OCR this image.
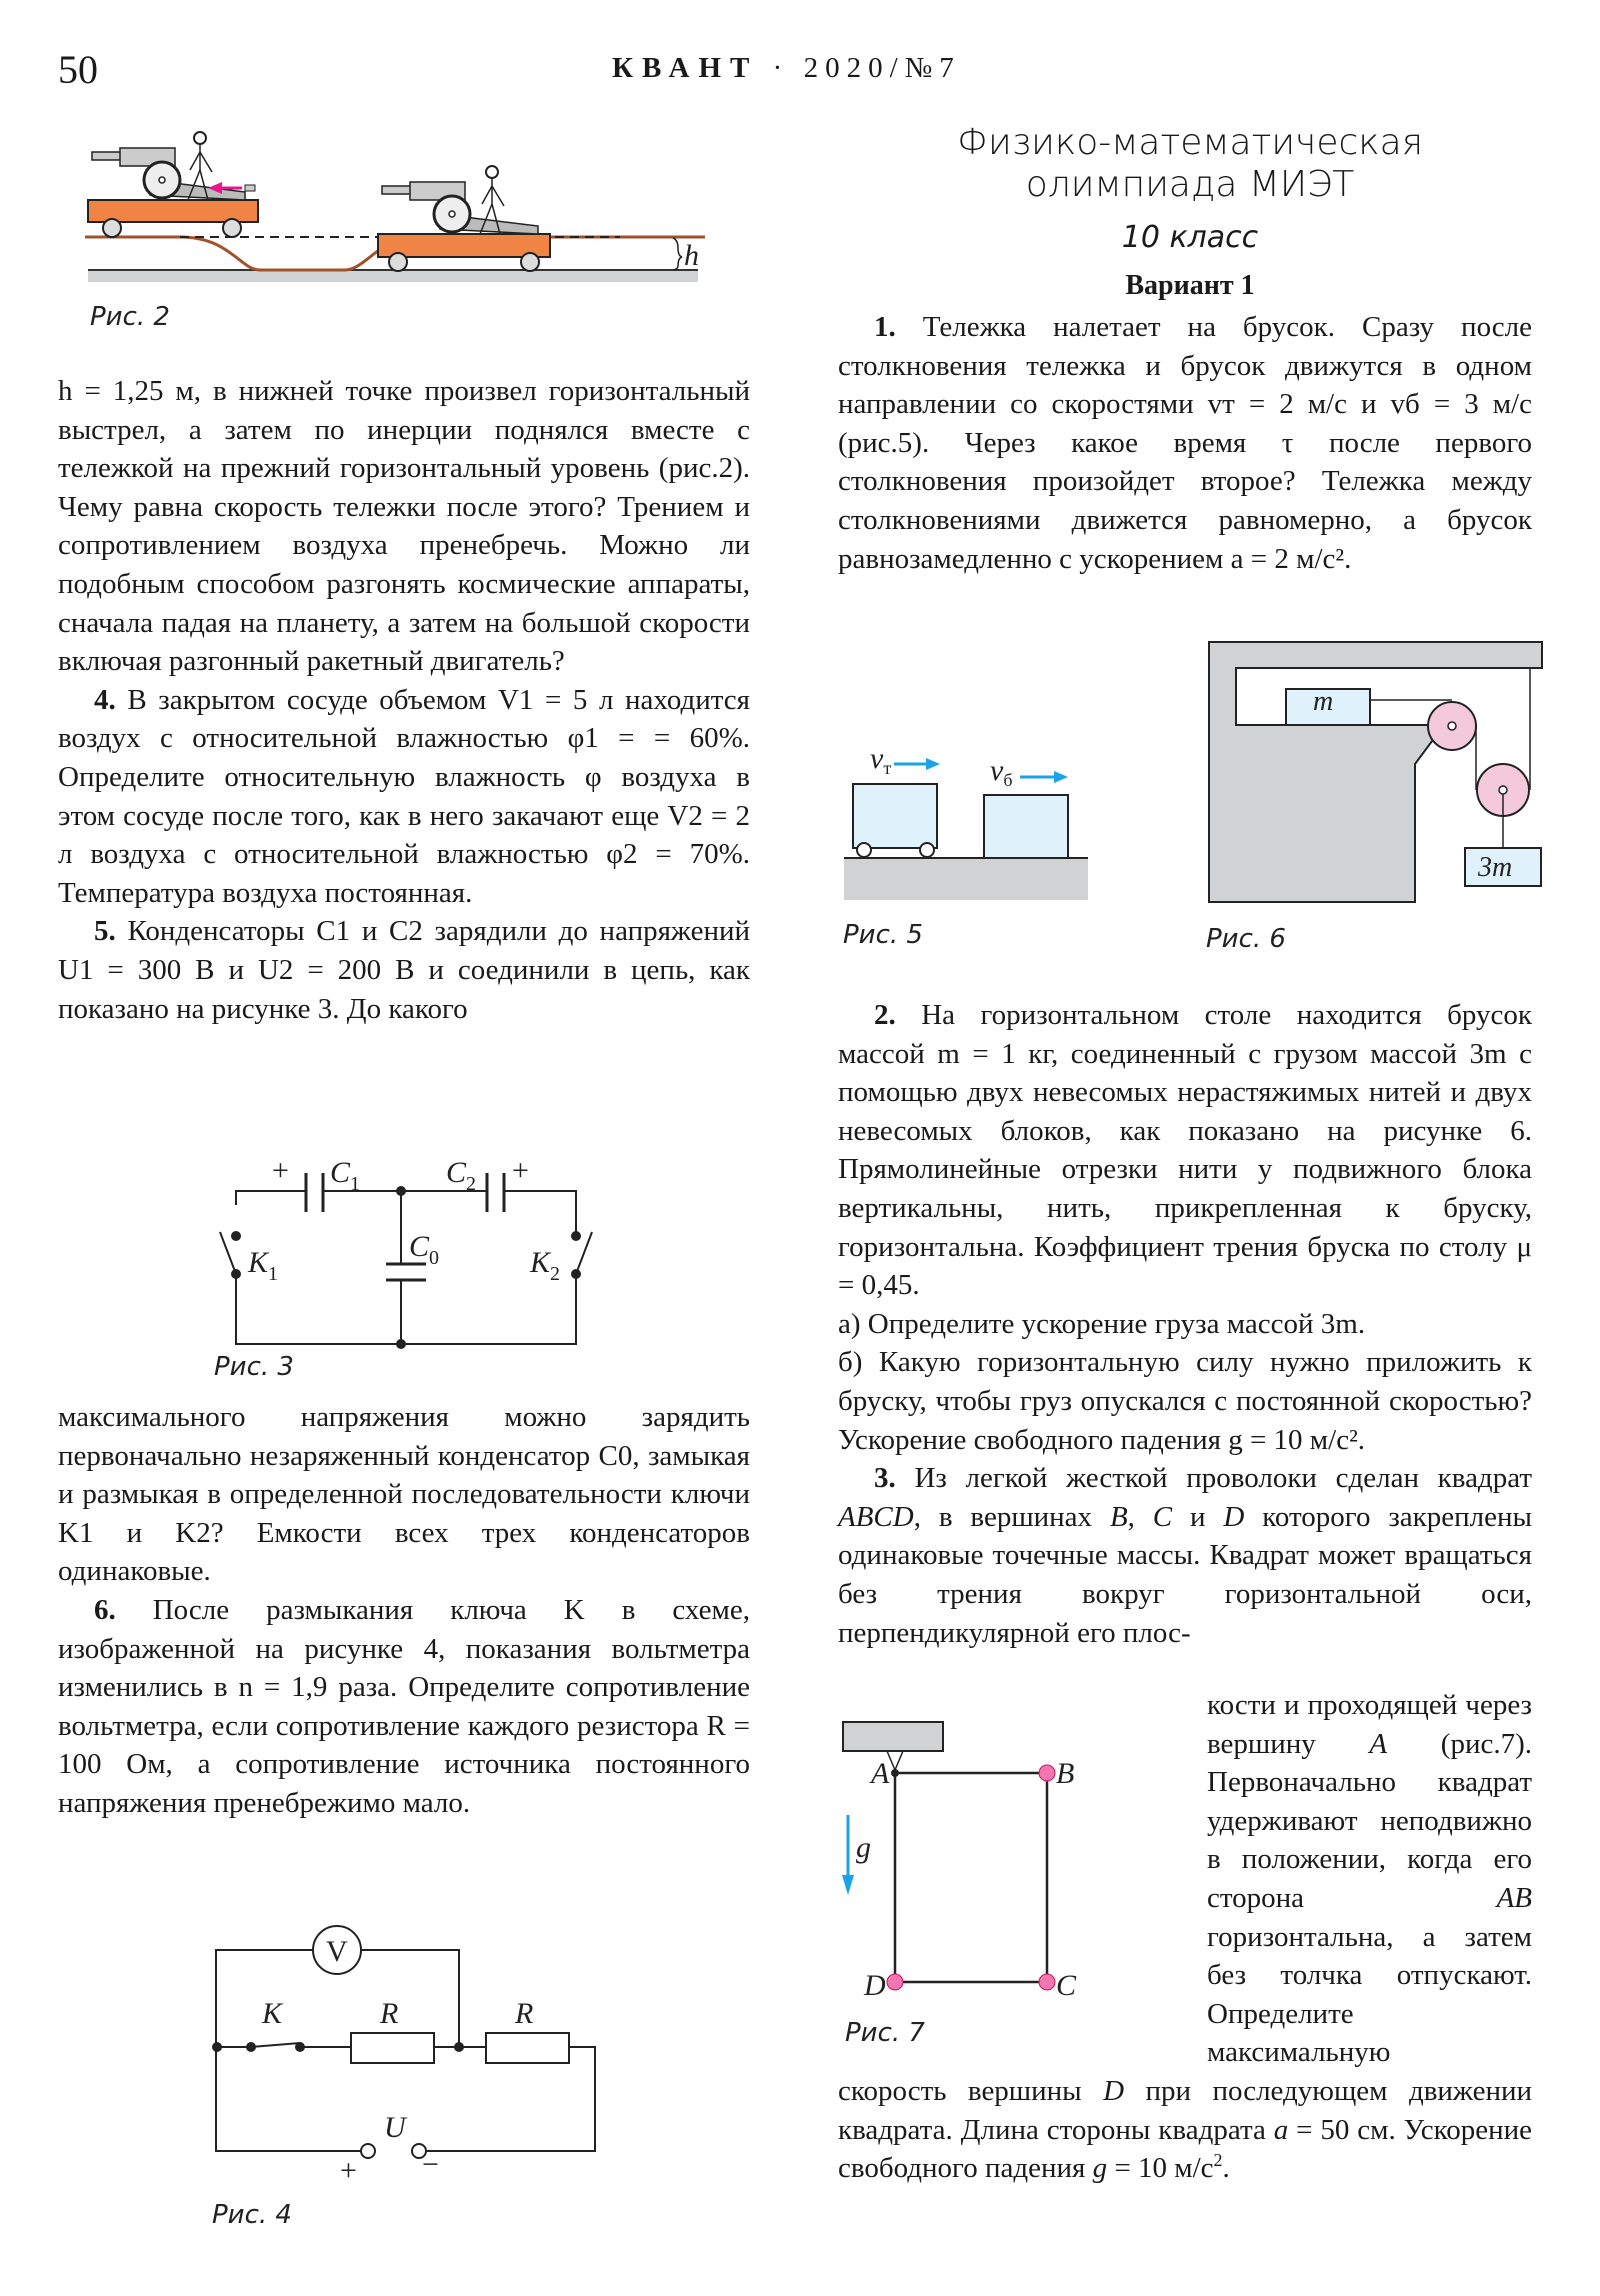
50	КВАНТ · 2020/№7
Физико-математическая
олимпиада МИЭТ
10 класс
Вариант 1
h
Рис. 2

h = 1,25 м, в нижней точке произвел горизонтальный выстрел, а затем по инерции поднялся вместе с тележкой на прежний горизонтальный уровень (рис.2). Чему равна скорость тележки после этого? Трением и сопротивлением воздуха пренебречь. Можно ли подобным способом разгонять космические аппараты, сначала падая на планету, а затем на большой скорости включая разгонный ракетный двигатель?

4. В закрытом сосуде объемом V1 = 5 л находится воздух с относительной влажностью φ1 = = 60%. Определите относительную влажность φ воздуха в этом сосуде после того, как в него закачают еще V2 = 2 л воздуха с относительной влажностью φ2 = 70%. Температура воздуха постоянная.

5. Конденсаторы C1 и C2 зарядили до напряжений U1 = 300 В и U2 = 200 В и соединили в цепь, как показано на рисунке 3. До какого

$C_1$	$C_2$
$C_0$
$K_1$	$K_2$
+	+
Рис. 3

максимального напряжения можно зарядить первоначально незаряженный конденсатор C0, замыкая и размыкая в определенной последовательности ключи K1 и K2? Емкости всех трех конденсаторов одинаковые.

6. После размыкания ключа K в схеме, изображенной на рисунке 4, показания вольтметра изменились в n = 1,9 раза. Определите сопротивление вольтметра, если сопротивление каждого резистора R = 100 Ом, а сопротивление источника постоянного напряжения пренебрежимо мало.

V
K	R	R
U
+ −
Рис. 4

1. Тележка налетает на брусок. Сразу после столкновения тележка и брусок движутся в одном направлении со скоростями vт = 2 м/с и vб = 3 м/с (рис.5). Через какое время τ после первого столкновения произойдет второе? Тележка между столкновениями движется равномерно, а брусок равнозамедленно с ускорением a = 2 м/с².

$v_т$	$v_б$
Рис. 5
m
3m
Рис. 6

2. На горизонтальном столе находится брусок массой m = 1 кг, соединенный с грузом массой 3m с помощью двух невесомых нерастяжимых нитей и двух невесомых блоков, как показано на рисунке 6. Прямолинейные отрезки нити у подвижного блока вертикальны, нить, прикрепленная к бруску, горизонтальна. Коэффициент трения бруска по столу μ = 0,45.

а) Определите ускорение груза массой 3m.

б) Какую горизонтальную силу нужно приложить к бруску, чтобы груз опускался с постоянной скоростью? Ускорение свободного падения g = 10 м/с².

3. Из легкой жесткой проволоки сделан квадрат ABCD, в вершинах B, C и D которого закреплены одинаковые точечные массы. Квадрат может вращаться без трения вокруг горизонтальной оси, перпендикулярной его плос-

A	B
C
D
g
Рис. 7

кости и проходящей через вершину A (рис.7). Первоначально квадрат удерживают неподвижно в положении, когда его сторона AB горизонтальна, а затем без толчка отпускают. Определите максимальную

скорость вершины D при последующем движении квадрата. Длина стороны квадрата a = 50 см. Ускорение свободного падения g = 10 $м/с^2$.
